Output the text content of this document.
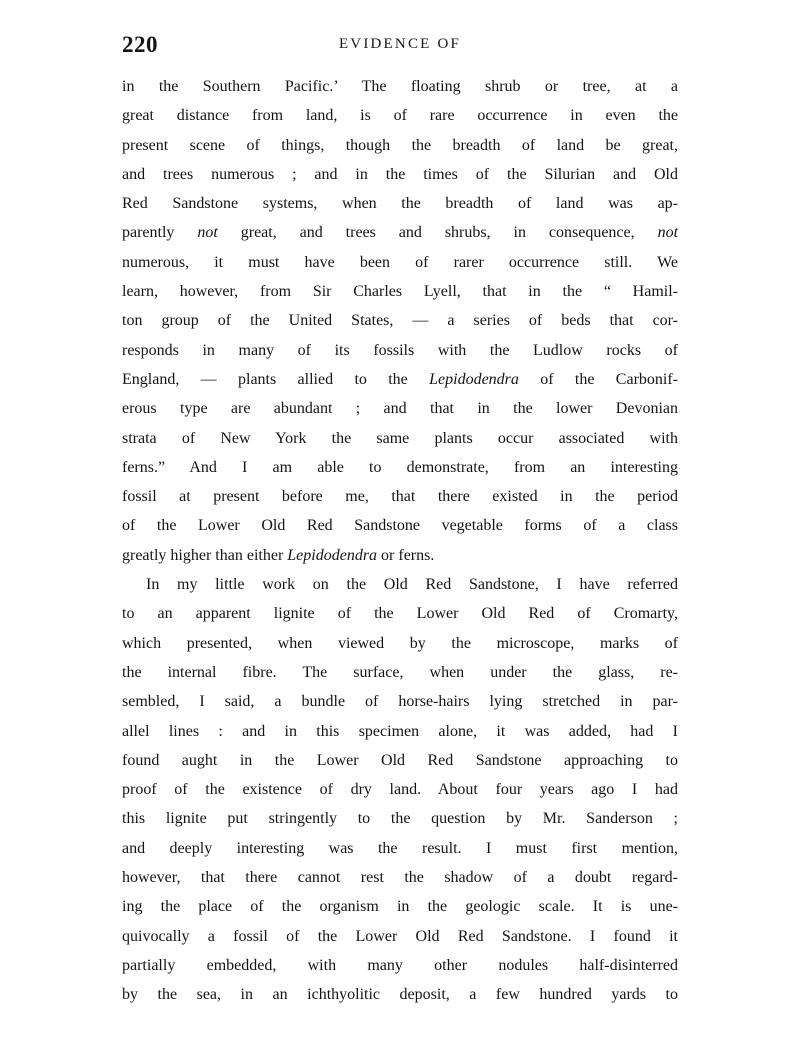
220	EVIDENCE OF
in the Southern Pacific.’ The floating shrub or tree, at a
great distance from land, is of rare occurrence in even the
present scene of things, though the breadth of land be great,
and trees numerous ; and in the times of the Silurian and Old
Red Sandstone systems, when the breadth of land was ap-
parently not great, and trees and shrubs, in consequence, not
numerous, it must have been of rarer occurrence still. We
learn, however, from Sir Charles Lyell, that in the “ Hamil-
ton group of the United States, — a series of beds that cor-
responds in many of its fossils with the Ludlow rocks of
England, — plants allied to the Lepidodendra of the Carbonif-
erous type are abundant ; and that in the lower Devonian
strata of New York the same plants occur associated with
ferns.” And I am able to demonstrate, from an interesting
fossil at present before me, that there existed in the period
of the Lower Old Red Sandstone vegetable forms of a class
greatly higher than either Lepidodendra or ferns.
In my little work on the Old Red Sandstone, I have referred
to an apparent lignite of the Lower Old Red of Cromarty,
which presented, when viewed by the microscope, marks of
the internal fibre. The surface, when under the glass, re-
sembled, I said, a bundle of horse-hairs lying stretched in par-
allel lines : and in this specimen alone, it was added, had I
found aught in the Lower Old Red Sandstone approaching to
proof of the existence of dry land. About four years ago I had
this lignite put stringently to the question by Mr. Sanderson ;
and deeply interesting was the result. I must first mention,
however, that there cannot rest the shadow of a doubt regard-
ing the place of the organism in the geologic scale. It is une-
quivocally a fossil of the Lower Old Red Sandstone. I found it
partially embedded, with many other nodules half-disinterred
by the sea, in an ichthyolitic deposit, a few hundred yards to
